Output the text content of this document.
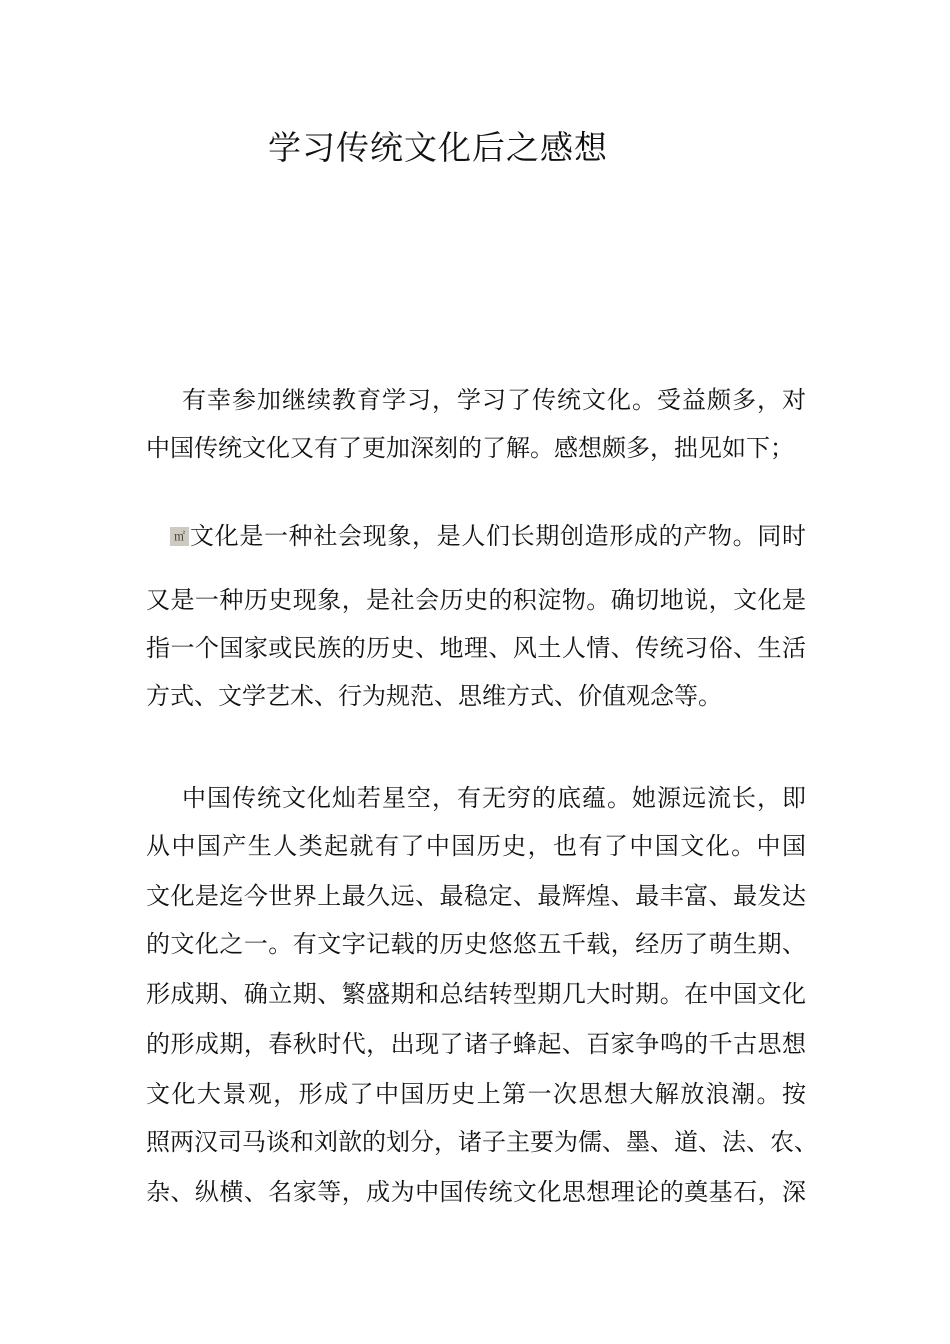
学习传统文化后之感想
有幸参加继续教育学习，学习了传统文化。受益颇多，对
中国传统文化又有了更加深刻的了解。感想颇多，拙见如下；
㎡ 文化是一种社会现象，是人们长期创造形成的产物。同时
又是一种历史现象，是社会历史的积淀物。确切地说，文化是
指一个国家或民族的历史、地理、风土人情、传统习俗、生活
方式、文学艺术、行为规范、思维方式、价值观念等。
中国传统文化灿若星空，有无穷的底蕴。她源远流长，即
从中国产生人类起就有了中国历史，也有了中国文化。中国
文化是迄今世界上最久远、最稳定、最辉煌、最丰富、最发达
的文化之一。有文字记载的历史悠悠五千载，经历了萌生期、
形成期、确立期、繁盛期和总结转型期几大时期。在中国文化
的形成期，春秋时代，出现了诸子蜂起、百家争鸣的千古思想
文化大景观，形成了中国历史上第一次思想大解放浪潮。按
照两汉司马谈和刘歆的划分，诸子主要为儒、墨、道、法、农、
杂、纵横、名家等，成为中国传统文化思想理论的奠基石，深
